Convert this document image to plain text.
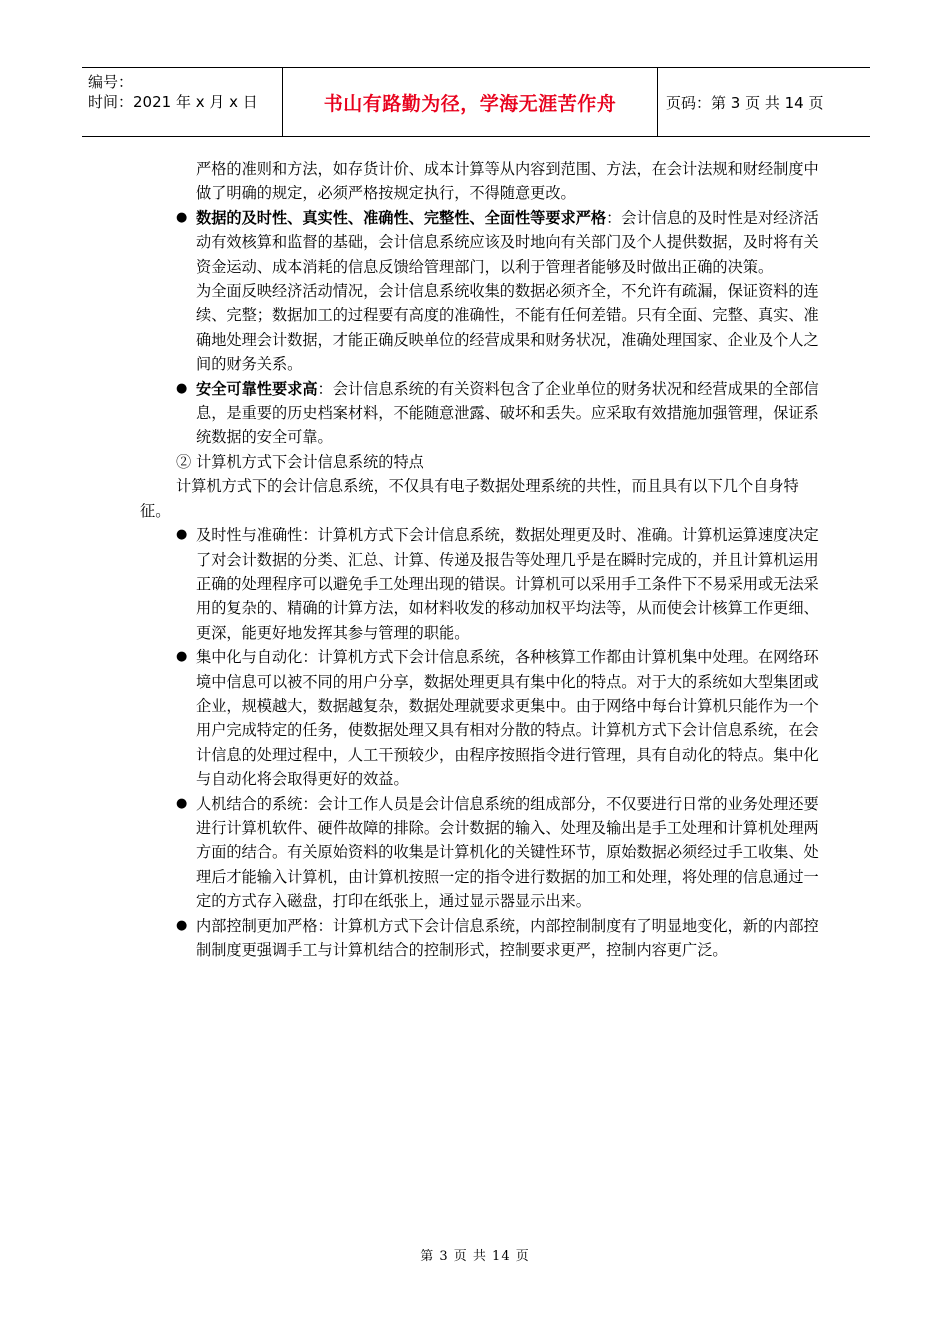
编号：
时间：2021 年 x 月 x 日	书山有路勤为径，学海无涯苦作舟	页码：第 3 页 共 14 页

严格的准则和方法，如存货计价、成本计算等从内容到范围、方法，在会计法规和财经制度中做了明确的规定，必须严格按规定执行，不得随意更改。

● 数据的及时性、真实性、准确性、完整性、全面性等要求严格：会计信息的及时性是对经济活动有效核算和监督的基础，会计信息系统应该及时地向有关部门及个人提供数据，及时将有关资金运动、成本消耗的信息反馈给管理部门，以利于管理者能够及时做出正确的决策。

为全面反映经济活动情况，会计信息系统收集的数据必须齐全，不允许有疏漏，保证资料的连续、完整；数据加工的过程要有高度的准确性，不能有任何差错。只有全面、完整、真实、准确地处理会计数据，才能正确反映单位的经营成果和财务状况，准确处理国家、企业及个人之间的财务关系。

● 安全可靠性要求高：会计信息系统的有关资料包含了企业单位的财务状况和经营成果的全部信息，是重要的历史档案材料，不能随意泄露、破坏和丢失。应采取有效措施加强管理，保证系统数据的安全可靠。

② 计算机方式下会计信息系统的特点

计算机方式下的会计信息系统，不仅具有电子数据处理系统的共性，而且具有以下几个自身特征。

● 及时性与准确性：计算机方式下会计信息系统，数据处理更及时、准确。计算机运算速度决定了对会计数据的分类、汇总、计算、传递及报告等处理几乎是在瞬时完成的，并且计算机运用正确的处理程序可以避免手工处理出现的错误。计算机可以采用手工条件下不易采用或无法采用的复杂的、精确的计算方法，如材料收发的移动加权平均法等，从而使会计核算工作更细、更深，能更好地发挥其参与管理的职能。

● 集中化与自动化：计算机方式下会计信息系统，各种核算工作都由计算机集中处理。在网络环境中信息可以被不同的用户分享，数据处理更具有集中化的特点。对于大的系统如大型集团或企业，规模越大，数据越复杂，数据处理就要求更集中。由于网络中每台计算机只能作为一个用户完成特定的任务，使数据处理又具有相对分散的特点。计算机方式下会计信息系统，在会计信息的处理过程中，人工干预较少，由程序按照指令进行管理，具有自动化的特点。集中化与自动化将会取得更好的效益。

● 人机结合的系统：会计工作人员是会计信息系统的组成部分，不仅要进行日常的业务处理还要进行计算机软件、硬件故障的排除。会计数据的输入、处理及输出是手工处理和计算机处理两方面的结合。有关原始资料的收集是计算机化的关键性环节，原始数据必须经过手工收集、处理后才能输入计算机，由计算机按照一定的指令进行数据的加工和处理，将处理的信息通过一定的方式存入磁盘，打印在纸张上，通过显示器显示出来。

● 内部控制更加严格：计算机方式下会计信息系统，内部控制制度有了明显地变化，新的内部控制制度更强调手工与计算机结合的控制形式，控制要求更严，控制内容更广泛。

第 3 页 共 14 页
